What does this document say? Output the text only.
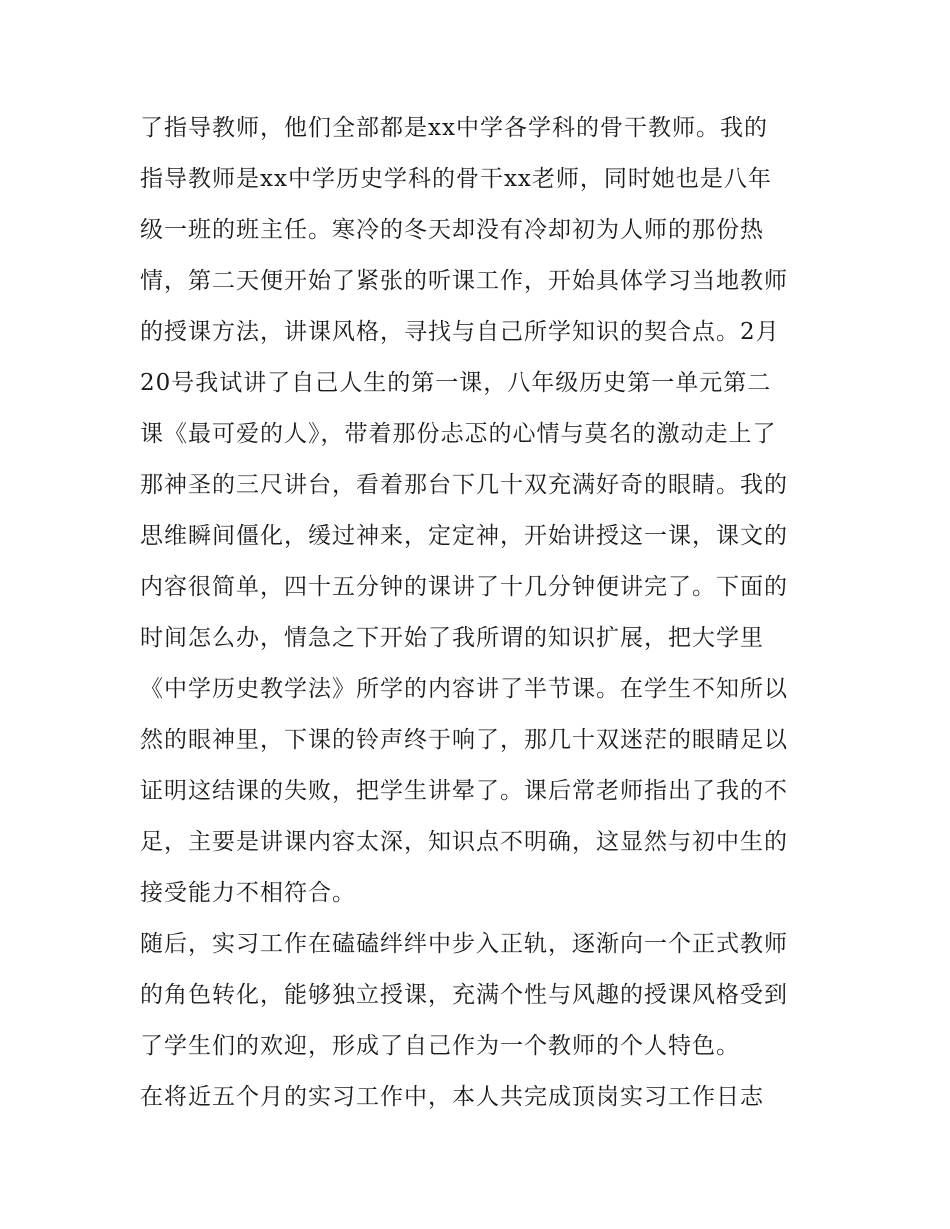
了指导教师，他们全部都是xx中学各学科的骨干教师。我的
指导教师是xx中学历史学科的骨干xx老师，同时她也是八年
级一班的班主任。寒冷的冬天却没有冷却初为人师的那份热
情，第二天便开始了紧张的听课工作，开始具体学习当地教师
的授课方法，讲课风格，寻找与自己所学知识的契合点。2月
20号我试讲了自己人生的第一课，八年级历史第一单元第二
课《最可爱的人》，带着那份忐忑的心情与莫名的激动走上了
那神圣的三尺讲台，看着那台下几十双充满好奇的眼睛。我的
思维瞬间僵化，缓过神来，定定神，开始讲授这一课，课文的
内容很简单，四十五分钟的课讲了十几分钟便讲完了。下面的
时间怎么办，情急之下开始了我所谓的知识扩展，把大学里
《中学历史教学法》所学的内容讲了半节课。在学生不知所以
然的眼神里，下课的铃声终于响了，那几十双迷茫的眼睛足以
证明这结课的失败，把学生讲晕了。课后常老师指出了我的不
足，主要是讲课内容太深，知识点不明确，这显然与初中生的
接受能力不相符合。
随后，实习工作在磕磕绊绊中步入正轨，逐渐向一个正式教师
的角色转化，能够独立授课，充满个性与风趣的授课风格受到
了学生们的欢迎，形成了自己作为一个教师的个人特色。
在将近五个月的实习工作中，本人共完成顶岗实习工作日志
